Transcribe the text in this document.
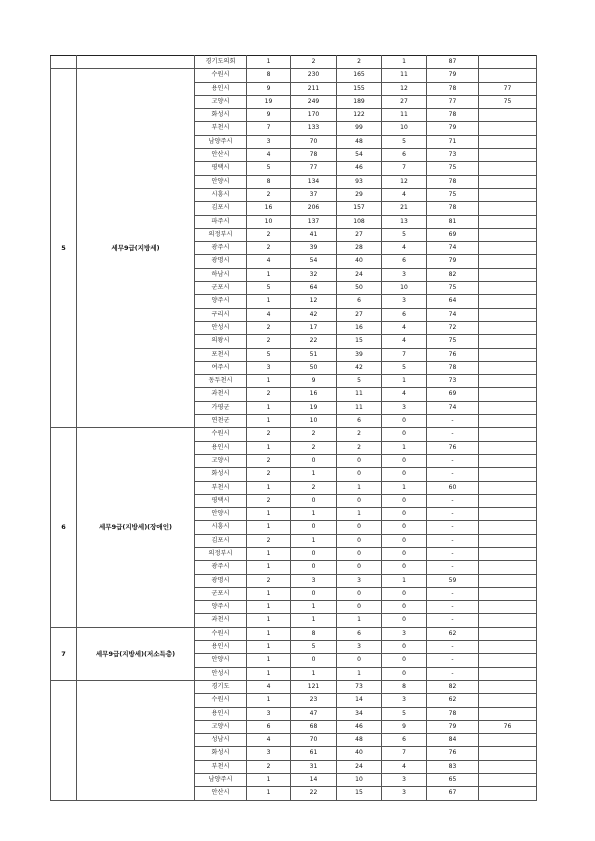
		경기도의회	1	2	2	1	87	
5	세무9급(지방세)	수원시	8	230	165	11	79	
		용인시	9	211	155	12	78	77
		고양시	19	249	189	27	77	75
		화성시	9	170	122	11	78	
		부천시	7	133	99	10	79	
		남양주시	3	70	48	5	71	
		안산시	4	78	54	6	73	
		평택시	5	77	46	7	75	
		안양시	8	134	93	12	78	
		시흥시	2	37	29	4	75	
		김포시	16	206	157	21	78	
		파주시	10	137	108	13	81	
		의정부시	2	41	27	5	69	
		광주시	2	39	28	4	74	
		광명시	4	54	40	6	79	
		하남시	1	32	24	3	82	
		군포시	5	64	50	10	75	
		양주시	1	12	6	3	64	
		구리시	4	42	27	6	74	
		안성시	2	17	16	4	72	
		의왕시	2	22	15	4	75	
		포천시	5	51	39	7	76	
		여주시	3	50	42	5	78	
		동두천시	1	9	5	1	73	
		과천시	2	16	11	4	69	
		가평군	1	19	11	3	74	
		연천군	1	10	6	0	-	
6	세무9급(지방세)(장애인)	수원시	2	2	2	0	-	
		용인시	1	2	2	1	76	
		고양시	2	0	0	0	-	
		화성시	2	1	0	0	-	
		부천시	1	2	1	1	60	
		평택시	2	0	0	0	-	
		안양시	1	1	1	0	-	
		시흥시	1	0	0	0	-	
		김포시	2	1	0	0	-	
		의정부시	1	0	0	0	-	
		광주시	1	0	0	0	-	
		광명시	2	3	3	1	59	
		군포시	1	0	0	0	-	
		양주시	1	1	0	0	-	
		과천시	1	1	1	0	-	
7	세무9급(지방세)(저소득층)	수원시	1	8	6	3	62	
		용인시	1	5	3	0	-	
		안양시	1	0	0	0	-	
		안성시	1	1	1	0	-	
		경기도	4	121	73	8	82	
		수원시	1	23	14	3	62	
		용인시	3	47	34	5	78	
		고양시	6	68	46	9	79	76
		성남시	4	70	48	6	84	
		화성시	3	61	40	7	76	
		부천시	2	31	24	4	83	
		남양주시	1	14	10	3	65	
		안산시	1	22	15	3	67	
